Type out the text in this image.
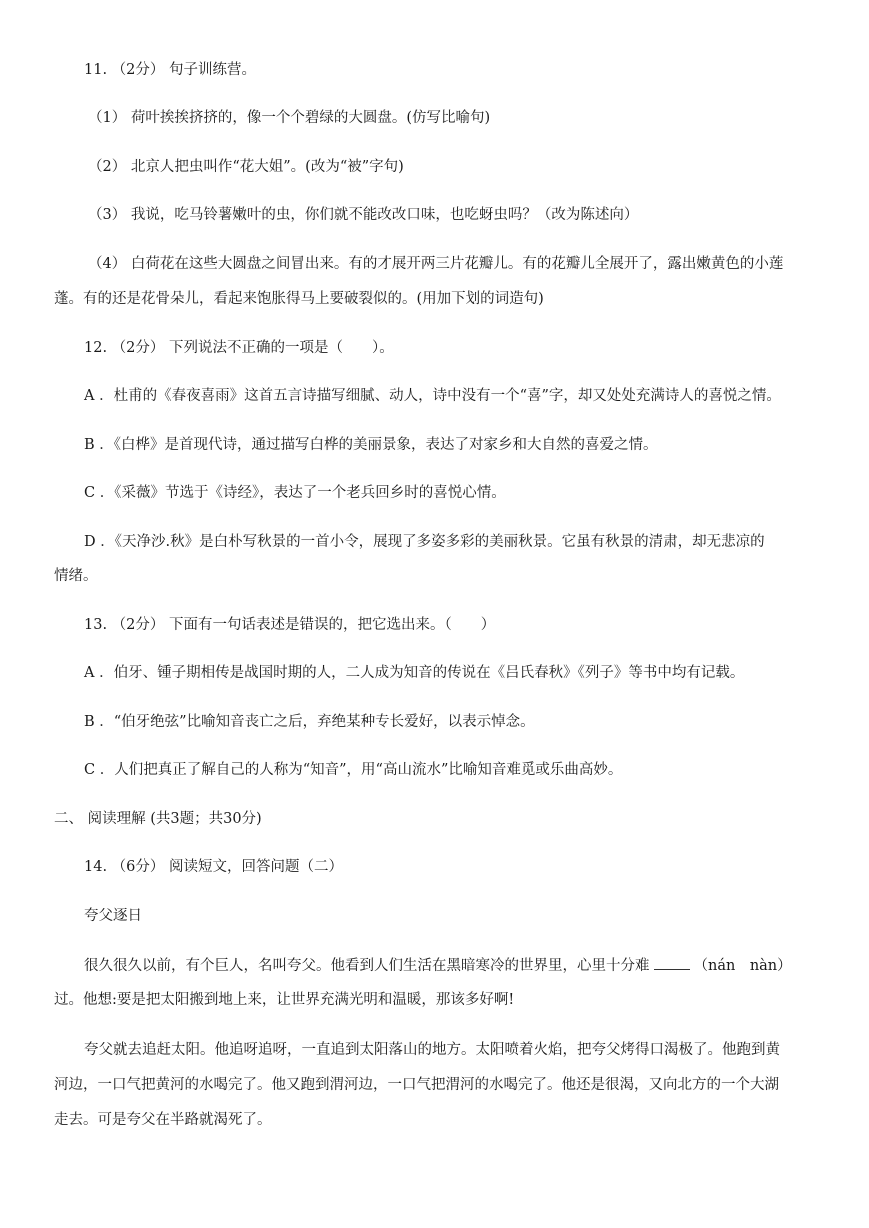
11. （2分） 句子训练营。
（1） 荷叶挨挨挤挤的，像一个个碧绿的大圆盘。(仿写比喻句)
（2） 北京人把虫叫作“花大姐”。(改为“被”字句)
（3） 我说，吃马铃薯嫩叶的虫，你们就不能改改口味，也吃蚜虫吗？（改为陈述向）
（4） 白荷花在这些大圆盘之间冒出来。有的才展开两三片花瓣儿。有的花瓣儿全展开了，露出嫩黄色的小莲
蓬。有的还是花骨朵儿，看起来饱胀得马上要破裂似的。(用加下划的词造句)
12. （2分） 下列说法不正确的一项是（　　）。
A ．杜甫的《春夜喜雨》这首五言诗描写细腻、动人，诗中没有一个“喜”字，却又处处充满诗人的喜悦之情。
B ．《白桦》是首现代诗，通过描写白桦的美丽景象，表达了对家乡和大自然的喜爱之情。
C ．《采薇》节选于《诗经》，表达了一个老兵回乡时的喜悦心情。
D ．《天净沙.秋》是白朴写秋景的一首小令，展现了多姿多彩的美丽秋景。它虽有秋景的清肃，却无悲凉的
情绪。
13. （2分） 下面有一句话表述是错误的，把它选出来。（　　）
A ．伯牙、锺子期相传是战国时期的人，二人成为知音的传说在《吕氏春秋》《列子》等书中均有记载。
B ．“伯牙绝弦”比喻知音丧亡之后，弃绝某种专长爱好，以表示悼念。
C ．人们把真正了解自己的人称为“知音”，用“高山流水”比喻知音难觅或乐曲高妙。
二、 阅读理解 (共3题；共30分)
14. （6分） 阅读短文，回答问题（二）
夸父逐日
很久很久以前，有个巨人，名叫夸父。他看到人们生活在黑暗寒冷的世界里，心里十分难	（nán　nàn）
过。他想:要是把太阳搬到地上来，让世界充满光明和温暖，那该多好啊!
夸父就去追赶太阳。他追呀追呀，一直追到太阳落山的地方。太阳喷着火焰，把夸父烤得口渴极了。他跑到黄
河边，一口气把黄河的水喝完了。他又跑到渭河边，一口气把渭河的水喝完了。他还是很渴，又向北方的一个大湖
走去。可是夸父在半路就渴死了。
